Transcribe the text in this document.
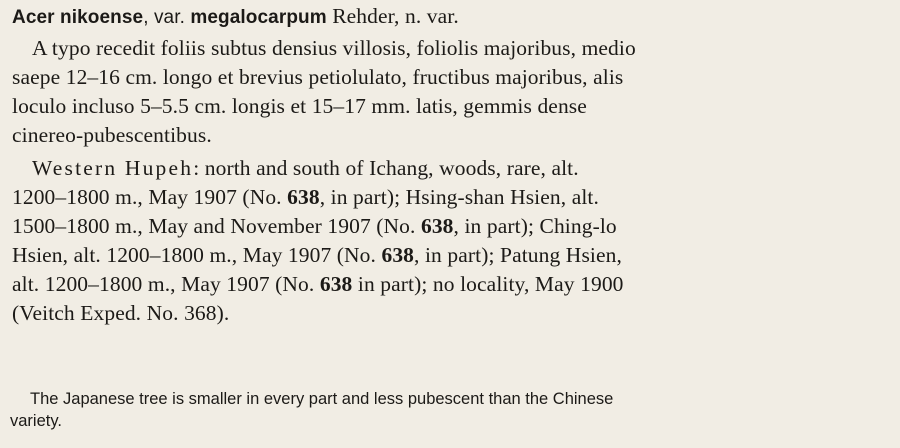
Acer nikoense, var. megalocarpum Rehder, n. var.
A typo recedit foliis subtus densius villosis, foliolis majoribus, medio
saepe 12–16 cm. longo et brevius petiolulato, fructibus majoribus, alis
loculo incluso 5–5.5 cm. longis et 15–17 mm. latis, gemmis dense
cinereo-pubescentibus.
Western Hupeh: north and south of Ichang, woods, rare, alt.
1200–1800 m., May 1907 (No. 638, in part); Hsing-shan Hsien, alt.
1500–1800 m., May and November 1907 (No. 638, in part); Ching-lo
Hsien, alt. 1200–1800 m., May 1907 (No. 638, in part); Patung Hsien,
alt. 1200–1800 m., May 1907 (No. 638 in part); no locality, May 1900
(Veitch Exped. No. 368).
The Japanese tree is smaller in every part and less pubescent than the Chinese
variety.
